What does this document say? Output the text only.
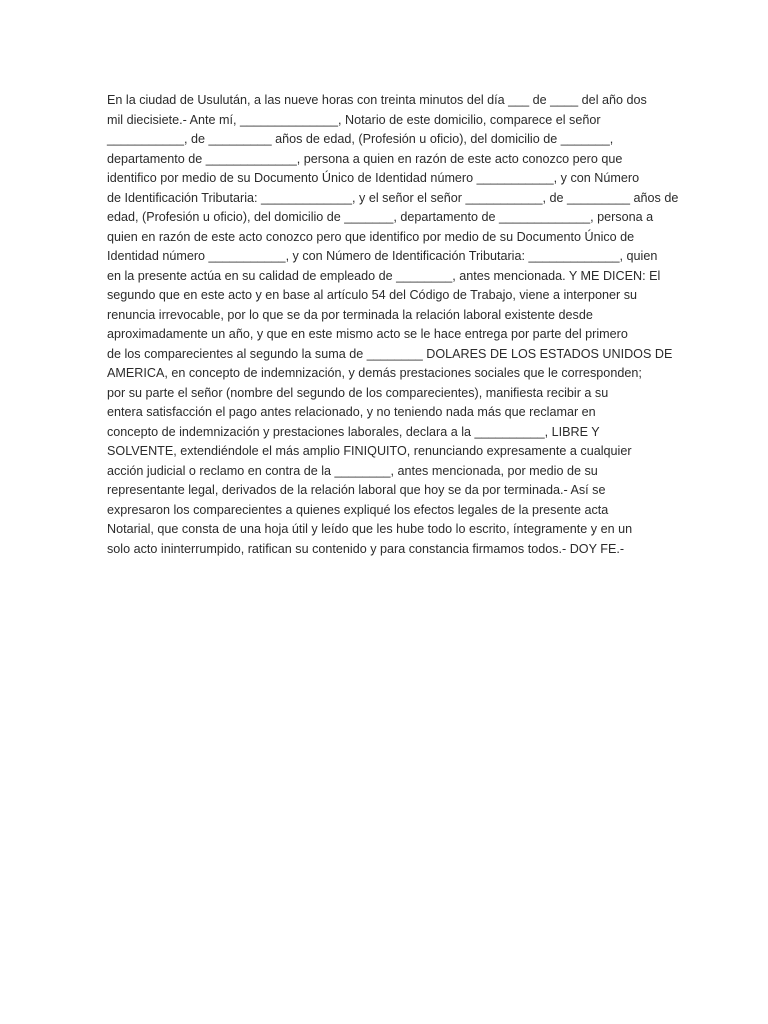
En la ciudad de Usulután, a las nueve horas con treinta minutos del día ___ de ____ del año dos
mil diecisiete.- Ante mí, ______________, Notario de este domicilio, comparece el señor
___________, de _________ años de edad, (Profesión u oficio), del domicilio de _______,
departamento de _____________, persona a quien en razón de este acto conozco pero que
identifico por medio de su Documento Único de Identidad número ___________, y con Número
de Identificación Tributaria: _____________, y el señor el señor ___________, de _________ años de
edad, (Profesión u oficio), del domicilio de _______, departamento de _____________, persona a
quien en razón de este acto conozco pero que identifico por medio de su Documento Único de
Identidad número ___________, y con Número de Identificación Tributaria: _____________, quien
en la presente actúa en su calidad de empleado de ________, antes mencionada. Y ME DICEN: El
segundo que en este acto y en base al artículo 54 del Código de Trabajo, viene a interponer su
renuncia irrevocable, por lo que se da por terminada la relación laboral existente desde
aproximadamente un año, y que en este mismo acto se le hace entrega por parte del primero
de los comparecientes al segundo la suma de ________ DOLARES DE LOS ESTADOS UNIDOS DE
AMERICA, en concepto de indemnización, y demás prestaciones sociales que le corresponden;
por su parte el señor (nombre del segundo de los comparecientes), manifiesta recibir a su
entera satisfacción el pago antes relacionado, y no teniendo nada más que reclamar en
concepto de indemnización y prestaciones laborales, declara a la __________, LIBRE Y
SOLVENTE, extendiéndole el más amplio FINIQUITO, renunciando expresamente a cualquier
acción judicial o reclamo en contra de la ________, antes mencionada, por medio de su
representante legal, derivados de la relación laboral que hoy se da por terminada.- Así se
expresaron los comparecientes a quienes expliqué los efectos legales de la presente acta
Notarial, que consta de una hoja útil y leído que les hube todo lo escrito, íntegramente y en un
solo acto ininterrumpido, ratifican su contenido y para constancia firmamos todos.- DOY FE.-
